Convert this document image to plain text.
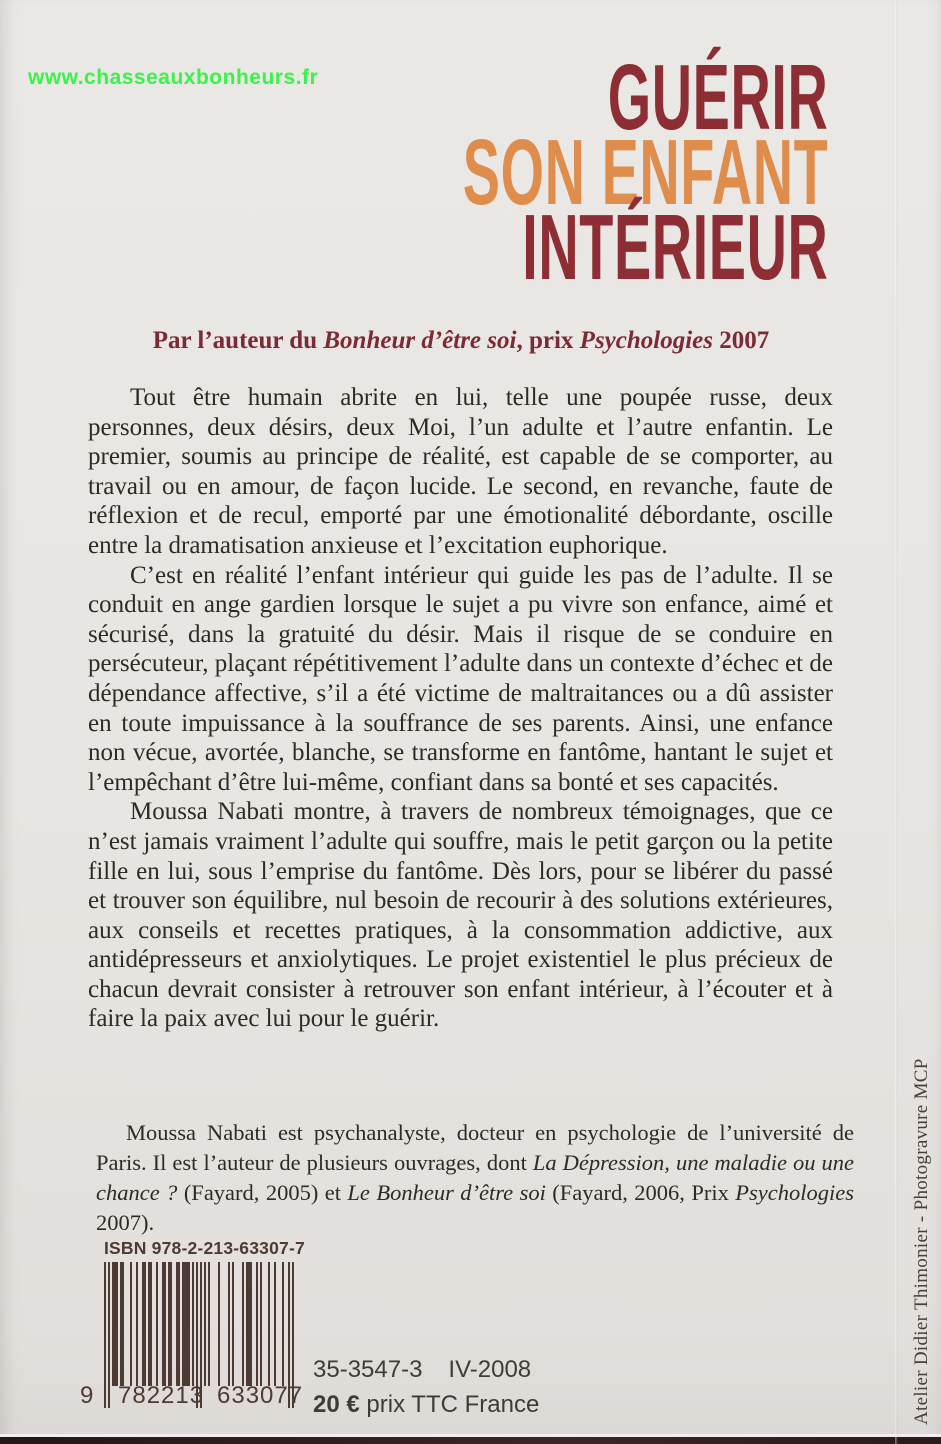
www.chasseauxbonheurs.fr	GUÉRIR
SON ENFANT
INTÉRIEUR
Par l’auteur du Bonheur d’être soi, prix Psychologies 2007

Tout être humain abrite en lui, telle une poupée russe, deux personnes, deux désirs, deux Moi, l’un adulte et l’autre enfantin. Le premier, soumis au principe de réalité, est capable de se comporter, au travail ou en amour, de façon lucide. Le second, en revanche, faute de réflexion et de recul, emporté par une émotionalité débordante, oscille entre la dramatisation anxieuse et l’excitation euphorique.

C’est en réalité l’enfant intérieur qui guide les pas de l’adulte. Il se conduit en ange gardien lorsque le sujet a pu vivre son enfance, aimé et sécurisé, dans la gratuité du désir. Mais il risque de se conduire en persécuteur, plaçant répétitivement l’adulte dans un contexte d’échec et de dépendance affective, s’il a été victime de maltraitances ou a dû assister en toute impuissance à la souffrance de ses parents. Ainsi, une enfance non vécue, avortée, blanche, se transforme en fantôme, hantant le sujet et l’empêchant d’être lui-même, confiant dans sa bonté et ses capacités.

Moussa Nabati montre, à travers de nombreux témoignages, que ce n’est jamais vraiment l’adulte qui souffre, mais le petit garçon ou la petite fille en lui, sous l’emprise du fantôme. Dès lors, pour se libérer du passé et trouver son équilibre, nul besoin de recourir à des solutions extérieures, aux conseils et recettes pratiques, à la consommation addictive, aux antidépresseurs et anxiolytiques. Le projet existentiel le plus précieux de chacun devrait consister à retrouver son enfant intérieur, à l’écouter et à faire la paix avec lui pour le guérir.

Moussa Nabati est psychanalyste, docteur en psychologie de l’université de Paris. Il est l’auteur de plusieurs ouvrages, dont La Dépression, une maladie ou une chance ? (Fayard, 2005) et Le Bonheur d’être soi (Fayard, 2006, Prix Psychologies 2007).
ISBN 978-2-213-63307-7
9 782213 633077
35-3547-3 IV-2008
20 € prix TTC France	Atelier Didier Thimonier - Photogravure MCP
